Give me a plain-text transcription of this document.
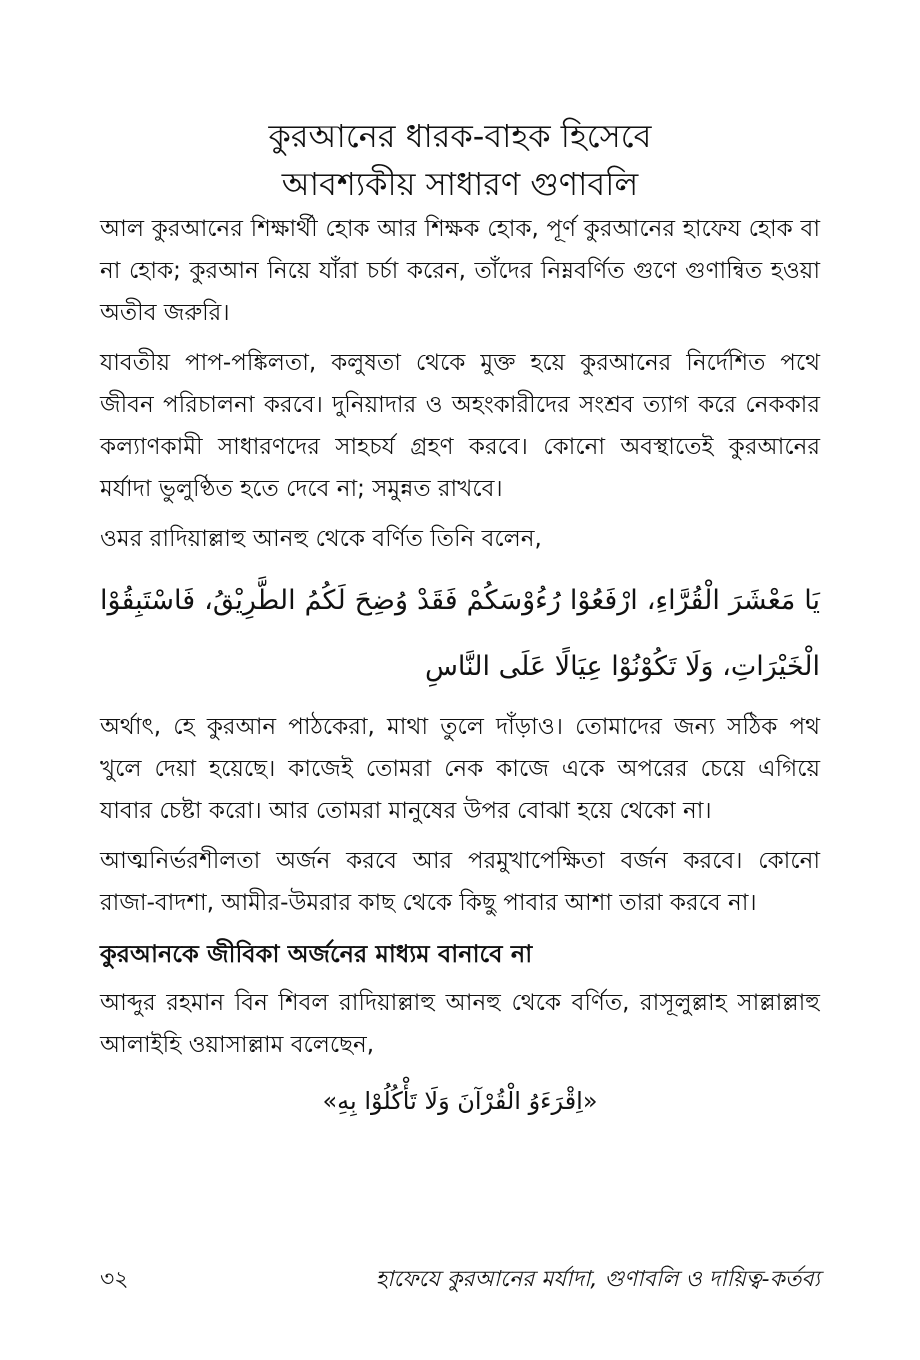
কুরআনের ধারক-বাহক হিসেবে
আবশ্যকীয় সাধারণ গুণাবলি

আল কুরআনের শিক্ষার্থী হোক আর শিক্ষক হোক, পূর্ণ কুরআনের হাফেয হোক বা না হোক; কুরআন নিয়ে যাঁরা চর্চা করেন, তাঁদের নিম্নবর্ণিত গুণে গুণান্বিত হওয়া অতীব জরুরি।

যাবতীয় পাপ-পঙ্কিলতা, কলুষতা থেকে মুক্ত হয়ে কুরআনের নির্দেশিত পথে জীবন পরিচালনা করবে। দুনিয়াদার ও অহংকারীদের সংশ্রব ত্যাগ করে নেককার কল্যাণকামী সাধারণদের সাহচর্য গ্রহণ করবে। কোনো অবস্থাতেই কুরআনের মর্যাদা ভুলুণ্ঠিত হতে দেবে না; সমুন্নত রাখবে।

ওমর রাদিয়াল্লাহু আনহু থেকে বর্ণিত তিনি বলেন,

يَا مَعْشَرَ الْقُرَّاءِ، ارْفَعُوْا رُءُوْسَكُمْ فَقَدْ وُضِحَ لَكُمُ الطَّرِيْقُ، فَاسْتَبِقُوْا الْخَيْرَاتِ، وَلَا تَكُوْنُوْا عِيَالًا عَلَى النَّاسِ

অর্থাৎ, হে কুরআন পাঠকেরা, মাথা তুলে দাঁড়াও। তোমাদের জন্য সঠিক পথ খুলে দেয়া হয়েছে। কাজেই তোমরা নেক কাজে একে অপরের চেয়ে এগিয়ে যাবার চেষ্টা করো। আর তোমরা মানুষের উপর বোঝা হয়ে থেকো না।

আত্মনির্ভরশীলতা অর্জন করবে আর পরমুখাপেক্ষিতা বর্জন করবে। কোনো রাজা-বাদশা, আমীর-উমরার কাছ থেকে কিছু পাবার আশা তারা করবে না।

কুরআনকে জীবিকা অর্জনের মাধ্যম বানাবে না

আব্দুর রহমান বিন শিবল রাদিয়াল্লাহু আনহু থেকে বর্ণিত, রাসূলুল্লাহ সাল্লাল্লাহু আলাইহি ওয়াসাল্লাম বলেছেন,

«اِقْرَءَوُ الْقُرْآنَ وَلَا تَأْكُلُوْا بِهِ»

৩২	হাফেযে কুরআনের মর্যাদা, গুণাবলি ও দায়িত্ব-কর্তব্য
